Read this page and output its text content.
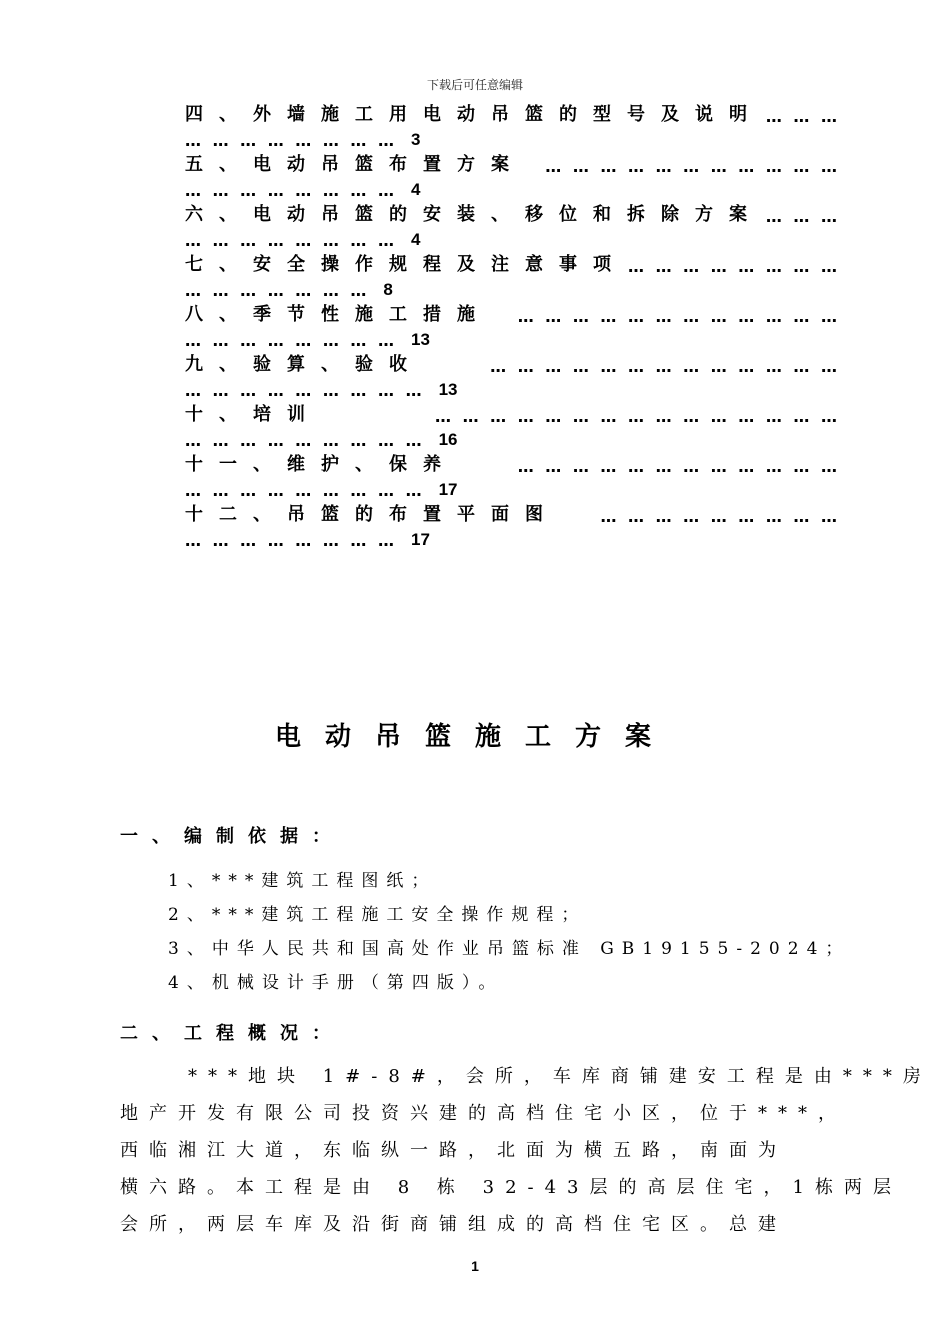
下载后可任意编辑
四、外墙施工用电动吊篮的型号及说明 … … …
… … … … … … … … 3
五、电动吊篮布置方案	… … … … … … … … … … …
… … … … … … … … 4
六、电动吊篮的安装、移位和拆除方案 … … …
… … … … … … … … 4
七、安全操作规程及注意事项 … … … … … … … …
… … … … … … … 8
八、季节性施工措施	… … … … … … … … … … … …
… … … … … … … … 13
九、验算、验收	… … … … … … … … … … … … …
… … … … … … … … … 13
十、培训	… … … … … … … … … … … … … … …
… … … … … … … … … 16
十一、维护、保养	… … … … … … … … … … … …
… … … … … … … … … 17
十二、吊篮的布置平面图	… … … … … … … … …
… … … … … … … … 17
电动吊篮施工方案
一、编制依据：
1、***建筑工程图纸；
2、***建筑工程施工安全操作规程；
3、中华人民共和国高处作业吊篮标准 GB19155-2024；
4、机械设计手册（第四版）。
二、工程概况：
***地块 1#-8#，会所，车库商铺建安工程是由***房
地产开发有限公司投资兴建的高档住宅小区，位于***，
西临湘江大道，东临纵一路，北面为横五路，南面为
横六路。本工程是由 8 栋 32-43层的高层住宅，1栋两层
会所，两层车库及沿街商铺组成的高档住宅区。总建
1
